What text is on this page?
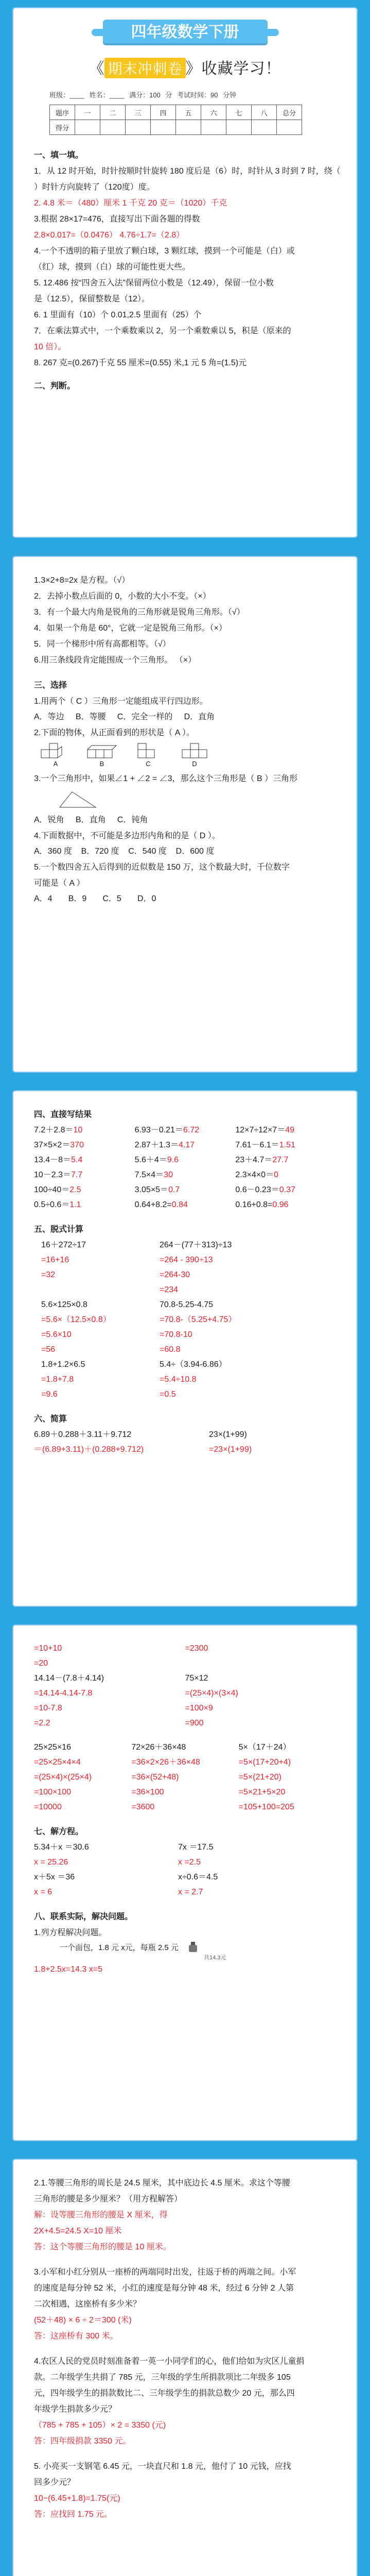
四年级数学下册
《 期末冲刺卷 》收藏学习！
班级：____ 姓名：____ 满分：100 分 考试时间：90 分钟
题序	一	二	三	四	五	六	七	八	总分
得分									
一、填一填。
1．从 12 时开始，时针按顺时针旋转 180 度后是（6）时，时针从 3 时到 7 时，绕（
）时针方向旋转了（120度）度。
2. 4.8 米＝（480）厘米 1 千克 20 克＝（1020）千克
3.根据 28×17=476，直接写出下面各题的得数
2.8×0.017=（0.0476） 4.76÷1.7=（2.8）
4.一个不透明的箱子里放了颗白球，3 颗红球，摸到一个可能是（白）或
（红）球，摸到（白）球的可能性更大些。
5. 12.486 按“四舍五入法”保留两位小数是（12.49），保留一位小数
是（12.5），保留整数是（12）。
6. 1 里面有（10）个 0.01,2.5 里面有（25）个
7．在乘法算式中，一个乘数乘以 2，另一个乘数乘以 5，积是（原来的
10 倍）。
8. 267 克=(0.267)千克 55 厘米=(0.55) 米,1 元 5 角=(1.5)元
二、判断。
1.3×2+8=2x 是方程。（√）
2．去掉小数点后面的 0，小数的大小不变。（×）
3．有一个最大内角是锐角的三角形就是锐角三角形。（√）
4．如果一个角是 60°，它就一定是锐角三角形。（×）
5．同一个梯形中所有高都相等。（√）
6.用三条线段肯定能围成一个三角形。 （×）
三、选择
1.用两个（ C ）三角形一定能组成平行四边形。
A．等边     B．等腰     C．完全一样的     D．直角
2.下面的物体，从正面看到的形状是（ A ）。
A	B	C	D
3.一个三角形中，如果∠1 + ∠2 = ∠3，那么这个三角形是（ B ）三角形
A．锐角     B．直角     C．钝角
4.下面数据中，不可能是多边形内角和的是（ D ）。
A．360 度    B．720 度    C．540 度    D．600 度
5.一个数四舍五入后得到的近似数是 150 万，这个数最大时，千位数字
可能是（ A ）
A．4       B．9       C．5       D．0
四、直接写结果
7.2＋2.8＝10	6.93－0.21＝6.72	12×7÷12×7＝49
37×5×2＝370	2.87＋1.3＝4.17	7.61－6.1＝1.51
13.4－8＝5.4	5.6＋4＝9.6	23＋4.7＝27.7
10－2.3＝7.7	7.5×4＝30	2.3×4×0＝0
100÷40＝2.5	3.05×5＝0.7	0.6－0.23＝0.37
0.5÷0.6＝1.1	0.64+8.2=0.84	0.16+0.8=0.96
五、脱式计算
16＋272÷17	264－(77＋313)÷13
=16+16	=264 - 390÷13
=32	=264-30
=234
5.6×125×0.8	70.8-5.25-4.75
=5.6×（12.5×0.8）	=70.8-（5.25+4.75）
=5.6×10	=70.8-10
=56	=60.8
1.8+1.2×6.5	5.4÷（3.94-6.86）
=1.8+7.8	=5.4÷10.8
=9.6	=0.5
六、简算
6.89＋0.288＋3.11＋9.712	23×(1+99)
＝(6.89+3.11)＋(0.288+9.712)	=23×(1+99)
=10+10	=2300
=20
14.14－(7.8＋4.14)	75×12
=14.14-4.14-7.8	=(25×4)×(3×4)
=10-7.8	=100×9
=2.2	=900
25×25×16	72×26＋36×48	5×（17＋24）
=25×25×4×4	=36×2×26＋36×48	=5×(17+20+4)
=(25×4)×(25×4)	=36×(52+48)	=5×(21+20)
=100×100	=36×100	=5×21+5×20
=10000	=3600	=105+100=205
七、解方程。
5.34＋x ＝30.6	7x ＝17.5
x = 25.26	x =2.5
x＋5x ＝36	x÷0.6＝4.5
x = 6	x = 2.7
八、联系实际，解决问题。
1.列方程解决问题。
一个面包，1.8 元 x元，每瓶 2.5 元
共14.3元
1.8+2.5x=14.3 x=5
2.1.等腰三角形的周长是 24.5 厘米，其中底边长 4.5 厘米。求这个等腰
三角形的腰是多少厘米？（用方程解答）
解：设等腰三角形的腰是 X 厘米，得
2X+4.5=24.5 X=10 厘米
答：这个等腰三角形的腰是 10 厘米。
3.小军和小红分别从一座桥的两端同时出发，往返于桥的两端之间。小军
的速度是每分钟 52 米，小红的速度是每分钟 48 米，经过 6 分钟 2 人第
二次相遇，这座桥有多少米？
(52＋48) × 6 ÷ 2＝300 (米)
答：这座桥有 300 米。
4.农区人民的党员时刻准备着一英一小同学们的心，他们给如为灾区儿童捐
款。二年级学生共捐了 785 元，三年级的学生所捐款项比二年级多 105
元，四年级学生的捐款数比二、三年级学生的捐款总数少 20 元，那么四
年级学生捐款多少元？
（785 + 785 + 105）× 2 = 3350 (元)
答：四年级捐款 3350 元。
5. 小亮买一支钢笔 6.45 元，一块直尺和 1.8 元，他付了 10 元钱，应找
回多少元？
10−(6.45+1.8)=1.75(元)
答：应找回 1.75 元。
